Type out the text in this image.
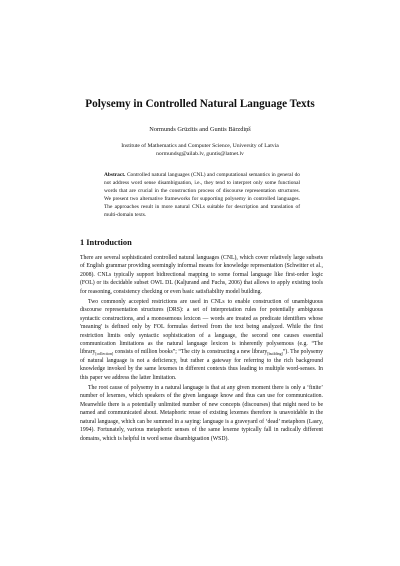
Polysemy in Controlled Natural Language Texts
Normunds Grūzītis and Guntis Bārzdiņš
Institute of Mathematics and Computer Science, University of Latvia
normundsg@ailab.lv, guntis@latnet.lv
Abstract. Controlled natural languages (CNL) and computational semantics in general do not address word sense disambiguation, i.e., they tend to interpret only some functional words that are crucial in the construction process of discourse representation structures. We present two alternative frameworks for supporting polysemy in controlled languages. The approaches result in more natural CNLs suitable for description and translation of multi-domain texts.
1 Introduction

There are several sophisticated controlled natural languages (CNL), which cover relatively large subsets of English grammar providing seemingly informal means for knowledge representation (Schwitter et al., 2008). CNLs typically support bidirectional mapping to some formal language like first-order logic (FOL) or its decidable subset OWL DL (Kaljurand and Fuchs, 2006) that allows to apply existing tools for reasoning, consistency checking or even basic satisfiability model building.

Two commonly accepted restrictions are used in CNLs to enable construction of unambiguous discourse representation structures (DRS): a set of interpretation rules for potentially ambiguous syntactic constructions, and a monosemous lexicon — words are treated as predicate identifiers whose 'meaning' is defined only by FOL formulas derived from the text being analyzed. While the first restriction limits only syntactic sophistication of a language, the second one causes essential communication limitations as the natural language lexicon is inherently polysemous (e.g. “The library$_{[collection]}$ consists of million books”; “The city is constructing a new library$_{[building]}$”). The polysemy of natural language is not a deficiency, but rather a gateway for referring to the rich background knowledge invoked by the same lexemes in different contexts thus leading to multiple word-senses. In this paper we address the latter limitation.

The root cause of polysemy in a natural language is that at any given moment there is only a ‘finite’ number of lexemes, which speakers of the given language know and thus can use for communication. Meanwhile there is a potentially unlimited number of new concepts (discourses) that might need to be named and communicated about. Metaphoric reuse of existing lexemes therefore is unavoidable in the natural language, which can be summed in a saying: language is a graveyard of ‘dead’ metaphors (Lasry, 1994). Fortunately, various metaphoric senses of the same lexeme typically fall in radically different domains, which is helpful in word sense disambiguation (WSD).
